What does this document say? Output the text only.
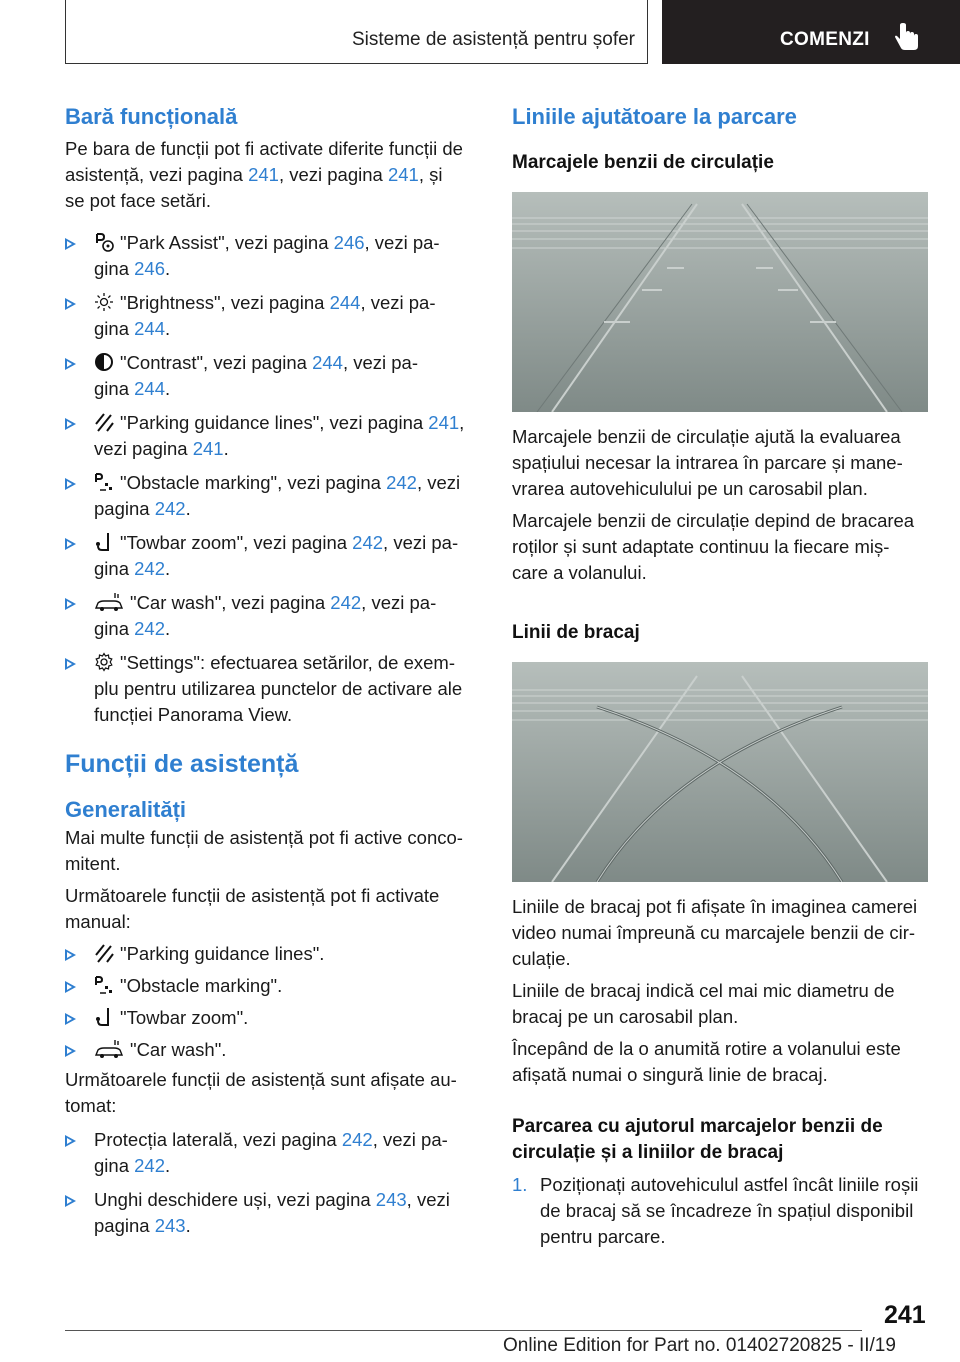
Sisteme de asistență pentru șofer	COMENZI
Bară funcțională

Pe bara de funcții pot fi activate diferite funcții de
asistență, vezi pagina 241, vezi pagina 241, și
se pot face setări.

"Park Assist", vezi pagina 246, vezi pa-
gina 246.
"Brightness", vezi pagina 244, vezi pa-
gina 244.
"Contrast", vezi pagina 244, vezi pa-
gina 244.
"Parking guidance lines", vezi pagina 241,
vezi pagina 241.
"Obstacle marking", vezi pagina 242, vezi
pagina 242.
"Towbar zoom", vezi pagina 242, vezi pa-
gina 242.
"Car wash", vezi pagina 242, vezi pa-
gina 242.
"Settings": efectuarea setărilor, de exem-
plu pentru utilizarea punctelor de activare ale
funcției Panorama View.
Funcții de asistență
Generalități

Mai multe funcții de asistență pot fi active conco-
mitent.

Următoarele funcții de asistență pot fi activate
manual:

"Parking guidance lines".
"Obstacle marking".
"Towbar zoom".
"Car wash".

Următoarele funcții de asistență sunt afișate au-
tomat:

Protecția laterală, vezi pagina 242, vezi pa-
gina 242.
Unghi deschidere uși, vezi pagina 243, vezi
pagina 243.
Liniile ajutătoare la parcare
Marcajele benzii de circulație

Marcajele benzii de circulație ajută la evaluarea
spațiului necesar la intrarea în parcare și mane-
vrarea autovehiculului pe un carosabil plan.

Marcajele benzii de circulație depind de bracarea
roților și sunt adaptate continuu la fiecare miș-
care a volanului.

Linii de bracaj

Liniile de bracaj pot fi afișate în imaginea camerei
video numai împreună cu marcajele benzii de cir-
culație.

Liniile de bracaj indică cel mai mic diametru de
bracaj pe un carosabil plan.

Începând de la o anumită rotire a volanului este
afișată numai o singură linie de bracaj.

Parcarea cu ajutorul marcajelor benzii de
circulație și a liniilor de bracaj
1. Poziționați autovehiculul astfel încât liniile roșii
de bracaj să se încadreze în spațiul disponibil
pentru parcare.
241
Online Edition for Part no. 01402720825 - II/19
